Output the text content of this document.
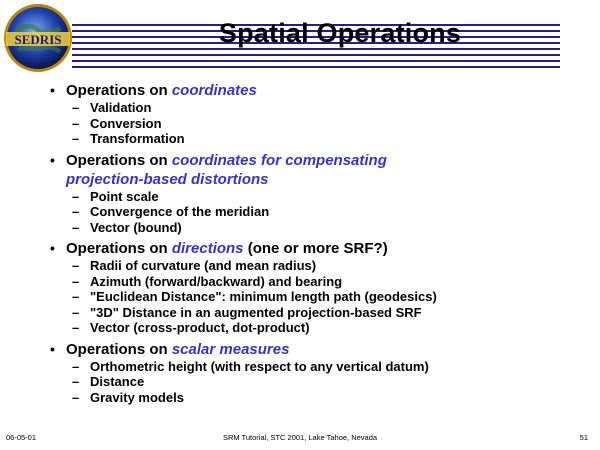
SEDRIS	Spatial Operations
• Operations on coordinates
– Validation
– Conversion
– Transformation
• Operations on coordinates for compensating
projection-based distortions
– Point scale
– Convergence of the meridian
– Vector (bound)
• Operations on directions (one or more SRF?)
– Radii of curvature (and mean radius)
– Azimuth (forward/backward) and bearing
– "Euclidean Distance": minimum length path (geodesics)
– "3D" Distance in an augmented projection-based SRF
– Vector (cross-product, dot-product)
• Operations on scalar measures
– Orthometric height (with respect to any vertical datum)
– Distance
– Gravity models
06-05-01	SRM Tutorial, STC 2001, Lake Tahoe, Nevada	51
